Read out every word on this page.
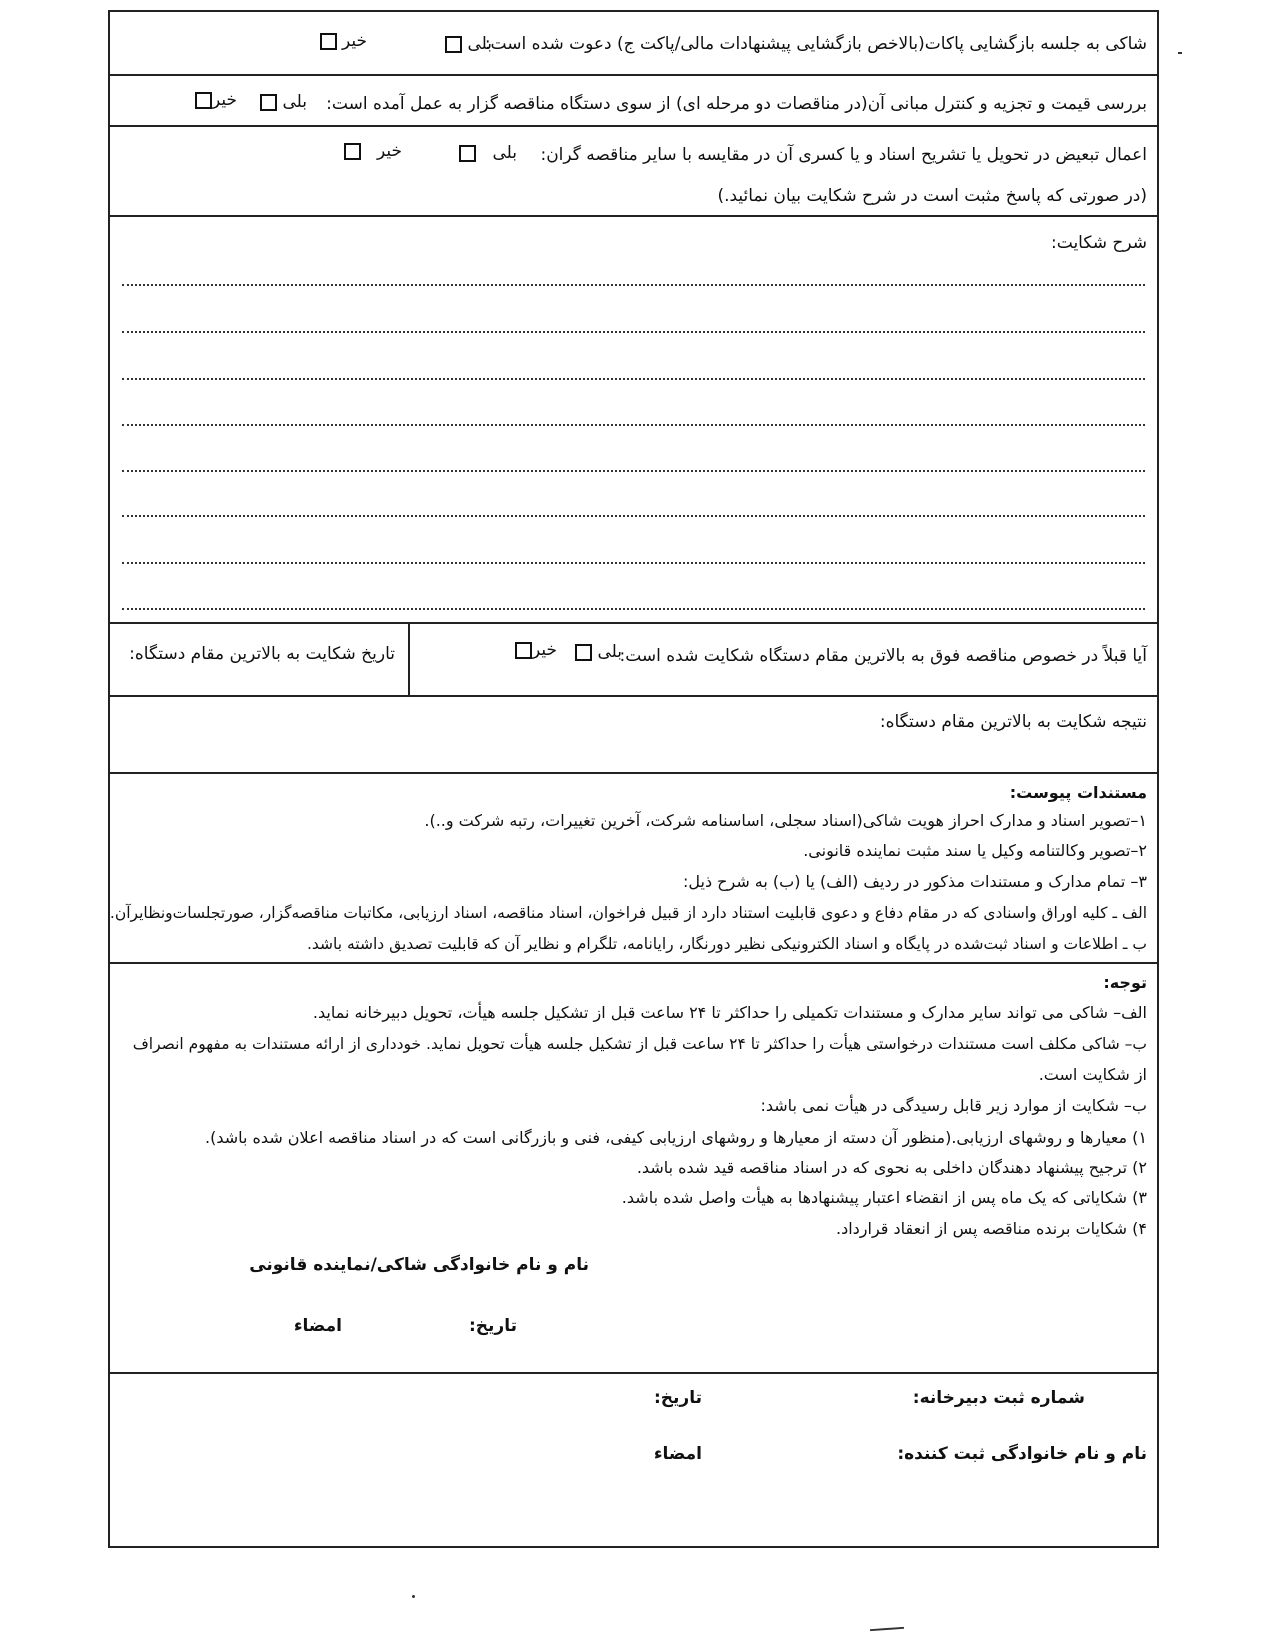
شاکی به جلسه بازگشایی پاکات(بالاخص بازگشایی پیشنهادات مالی/پاکت ج) دعوت شده است:
بلی
خیر
بررسی قیمت و تجزیه و کنترل مبانی آن(در مناقصات دو مرحله ای) از سوی دستگاه مناقصه گزار به عمل آمده است:
بلی
خیر
اعمال تبعیض در تحویل یا تشریح اسناد و یا کسری آن در مقایسه با سایر مناقصه گران:
بلی
خیر
(در صورتی که پاسخ مثبت است در شرح شکایت بیان نمائید.)
شرح شکایت:
آیا قبلاً در خصوص مناقصه فوق به بالاترین مقام دستگاه شکایت شده است:
بلی
خیر
تاریخ شکایت به بالاترین مقام دستگاه:
نتیجه شکایت به بالاترین مقام دستگاه:
مستندات پیوست:
۱–تصویر اسناد و مدارک احراز هویت شاکی(اسناد سجلی، اساسنامه شرکت، آخرین تغییرات، رتبه شرکت و..).
۲–تصویر وکالتنامه وکیل یا سند مثبت نماینده قانونی.
۳– تمام مدارک و مستندات مذکور در ردیف (الف) یا (ب) به شرح ذیل:
الف ـ کلیه اوراق واسنادی که در مقام دفاع و دعوی قابلیت استناد دارد از قبیل فراخوان، اسناد مناقصه، اسناد ارزیابی، مکاتبات مناقصه‌گزار، صورتجلسات‌ونظایرآن.
ب ـ اطلاعات و اسناد ثبت‌شده در پایگاه و اسناد الکترونیکی نظیر دورنگار، رایانامه، تلگرام و نظایر آن که قابلیت تصدیق داشته باشد.
توجه:
الف– شاکی می تواند سایر مدارک و مستندات تکمیلی را حداکثر تا ۲۴ ساعت قبل از تشکیل جلسه هیأت، تحویل دبیرخانه نماید.
ب– شاکی مکلف است مستندات درخواستی هیأت را حداکثر تا ۲۴ ساعت قبل از تشکیل جلسه هیأت تحویل نماید. خودداری از ارائه مستندات به مفهوم انصراف
از شکایت است.
ب– شکایت از موارد زیر قابل رسیدگی در هیأت نمی باشد:
۱) معیارها و روشهای ارزیابی.(منظور آن دسته از معیارها و روشهای ارزیابی کیفی، فنی و بازرگانی است که در اسناد مناقصه اعلان شده باشد).
۲) ترجیح پیشنهاد دهندگان داخلی به نحوی که در اسناد مناقصه قید شده باشد.
۳) شکایاتی که یک ماه پس از انقضاء اعتبار پیشنهادها به هیأت واصل شده باشد.
۴) شکایات برنده مناقصه پس از انعقاد قرارداد.
نام و نام خانوادگی شاکی/نماینده قانونی
تاریخ:
امضاء
شماره ثبت دبیرخانه:
تاریخ:
نام و نام خانوادگی ثبت کننده:
امضاء
